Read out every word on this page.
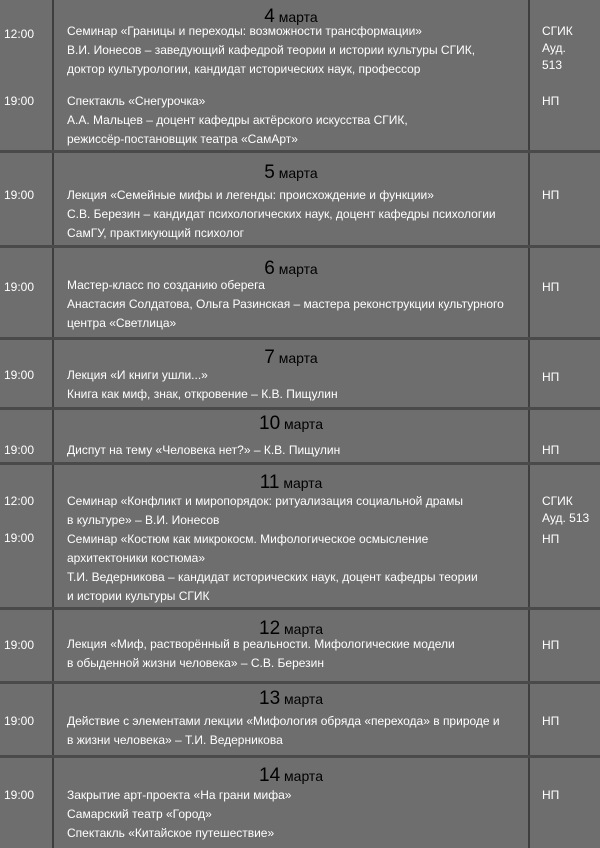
4 марта
12:00	Семинар «Границы и переходы: возможности трансформации»
В.И. Ионесов – заведующий кафедрой теории и истории культуры СГИК,
доктор культурологии, кандидат исторических наук, профессор
СГИК
Ауд.
513
19:00	Спектакль «Снегурочка»
А.А. Мальцев – доцент кафедры актёрского искусства СГИК,
режиссёр-постановщик театра «СамАрт»
НП
5 марта
19:00	Лекция «Семейные мифы и легенды: происхождение и функции»
С.В. Березин – кандидат психологических наук, доцент кафедры психологии
СамГУ, практикующий психолог
НП
6 марта
19:00	Мастер-класс по созданию оберега
Анастасия Солдатова, Ольга Разинская – мастера реконструкции культурного
центра «Светлица»
НП
7 марта
19:00	Лекция «И книги ушли...»
Книга как миф, знак, откровение – К.В. Пищулин
НП
10 марта
19:00	Диспут на тему «Человека нет?» – К.В. Пищулин	НП
11 марта
12:00	Семинар «Конфликт и миропорядок: ритуализация социальной драмы
в культуре» – В.И. Ионесов
СГИК
Ауд. 513
19:00	Семинар «Костюм как микрокосм. Мифологическое осмысление
архитектоники костюма»
Т.И. Ведерникова – кандидат исторических наук, доцент кафедры теории
и истории культуры СГИК
НП
12 марта
19:00	Лекция «Миф, растворённый в реальности. Мифологические модели
в обыденной жизни человека» – С.В. Березин
НП
13 марта
19:00	Действие с элементами лекции «Мифология обряда «перехода» в природе и
в жизни человека» – Т.И. Ведерникова
НП
14 марта
19:00	Закрытие арт-проекта «На грани мифа»
Самарский театр «Город»
Спектакль «Китайское путешествие»
НП
